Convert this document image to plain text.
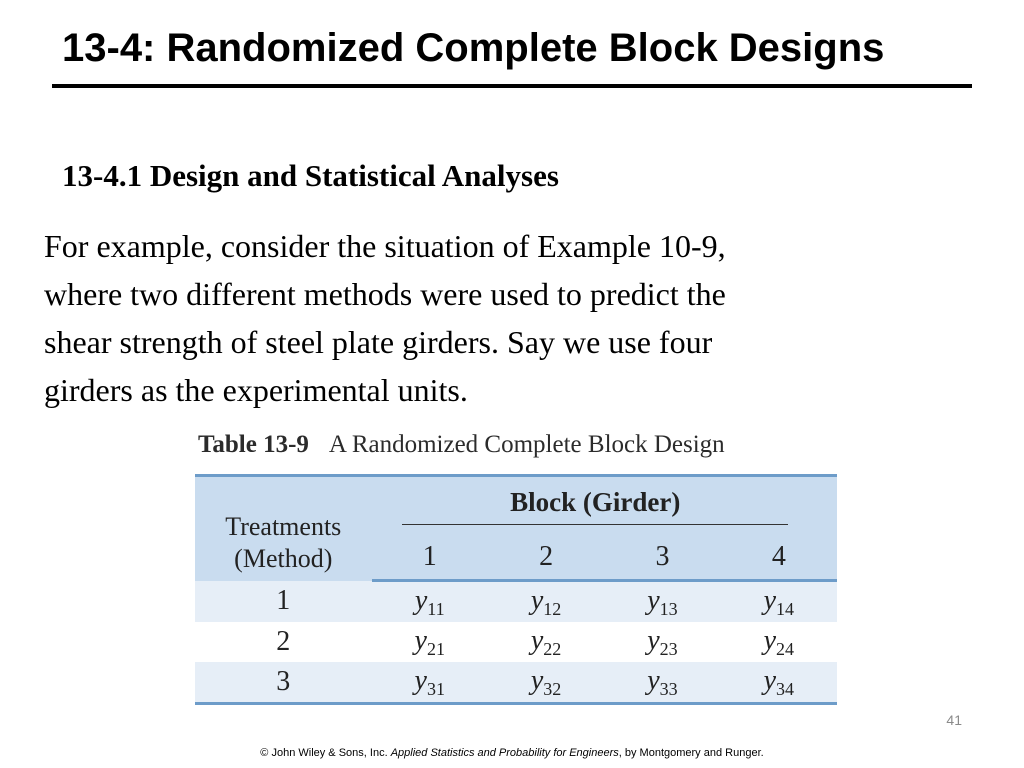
13-4: Randomized Complete Block Designs
13-4.1 Design and Statistical Analyses

For example, consider the situation of Example 10-9,
where two different methods were used to predict the
shear strength of steel plate girders. Say we use four
girders as the experimental units.

Table 13-9 A Randomized Complete Block Design
Treatments
(Method)	Block (Girder)			
	1	2	3	4
1	$y_{11}$	$y_{12}$	$y_{13}$	$y_{14}$
2	$y_{21}$	$y_{22}$	$y_{23}$	$y_{24}$
3	$y_{31}$	$y_{32}$	$y_{33}$	$y_{34}$
41
© John Wiley & Sons, Inc. Applied Statistics and Probability for Engineers, by Montgomery and Runger.
